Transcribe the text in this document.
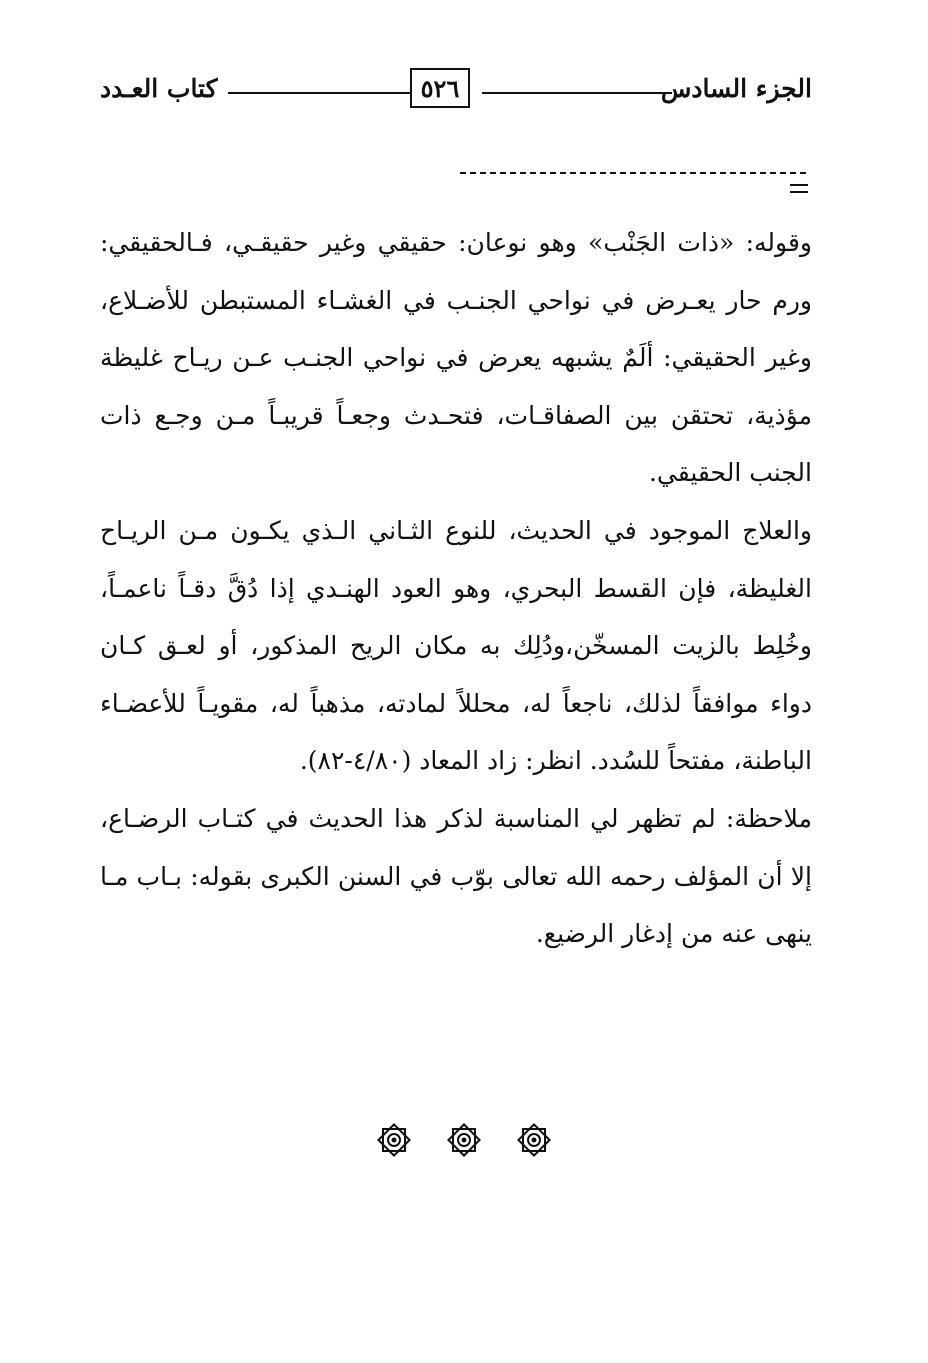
الجزء السادس
٥٢٦
كتاب العـدد

وقوله: «ذات الجَنْب» وهو نوعان: حقيقي وغير حقيقـي، فـالحقيقي: ورم حار يعـرض في نواحي الجنـب في الغشـاء المستبطن للأضـلاع، وغير الحقيقي: ألَمٌ يشبهه يعرض في نواحي الجنـب عـن ريـاح غليظة مؤذية، تحتقن بين الصفاقـات، فتحـدث وجعـاً قريبـاً مـن وجـع ذات الجنب الحقيقي.

والعلاج الموجود في الحديث، للنوع الثـاني الـذي يكـون مـن الريـاح الغليظة، فإن القسط البحري، وهو العود الهنـدي إذا دُقَّ دقـاً ناعمـاً، وخُلِط بالزيت المسخّن،ودُلِك به مكان الريح المذكور، أو لعـق كـان دواء موافقاً لذلك، ناجعاً له، محللاً لمادته، مذهباً له، مقويـاً للأعضـاء الباطنة، مفتحاً للسُدد. انظر: زاد المعاد (٤/٨٠-٨٢).

ملاحظة: لم تظهر لي المناسبة لذكر هذا الحديث في كتـاب الرضـاع، إلا أن المؤلف رحمه الله تعالى بوّب في السنن الكبرى بقوله: بـاب مـا ينهى عنه من إدغار الرضيع.
